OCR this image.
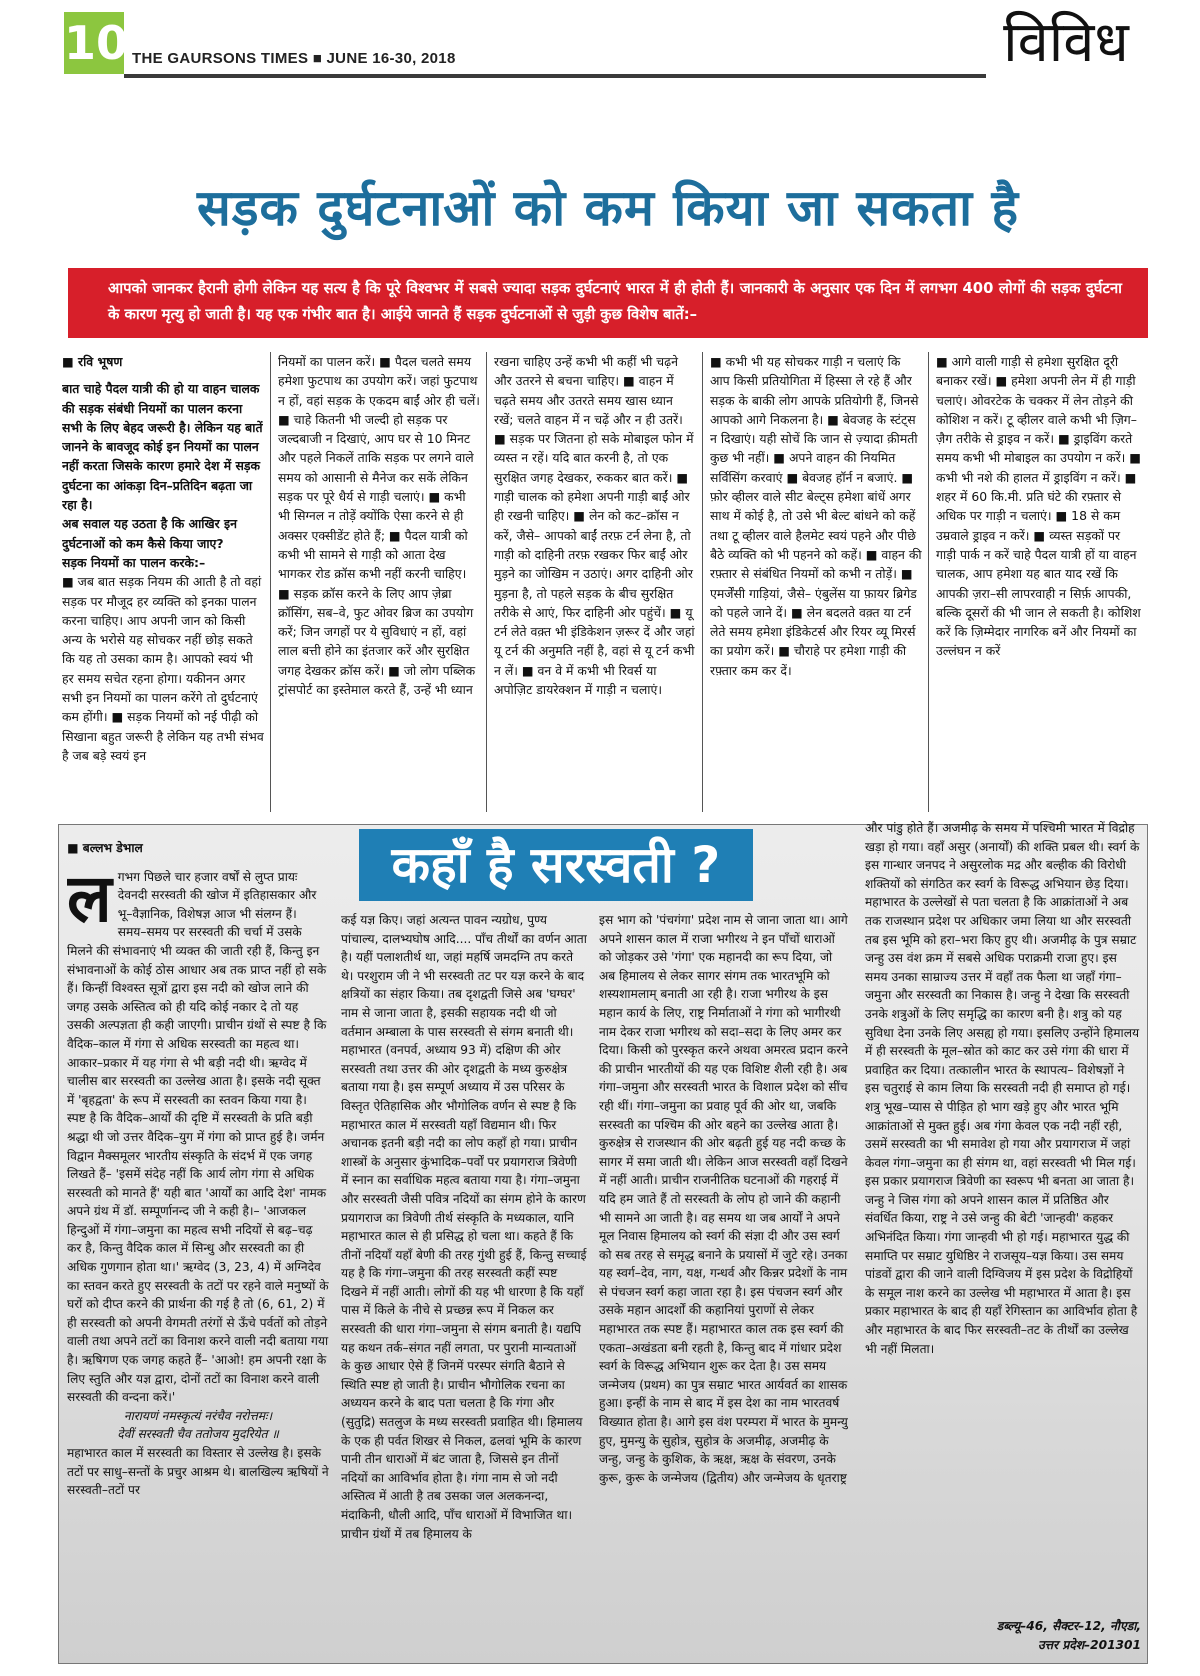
10 THE GAURSONS TIMES ■ JUNE 16-30, 2018	विविध
सड़क दुर्घटनाओं को कम किया जा सकता है
आपको जानकर हैरानी होगी लेकिन यह सत्य है कि पूरे विश्वभर में सबसे ज्यादा सड़क दुर्घटनाएं भारत में ही होती हैं। जानकारी के अनुसार एक दिन में लगभग 400 लोगों की सड़क दुर्घटना के कारण मृत्यु हो जाती है। यह एक गंभीर बात है। आईये जानते हैं सड़क दुर्घटनाओं से जुड़ी कुछ विशेष बातें:–

■ रवि भूषण

बात चाहे पैदल यात्री की हो या वाहन चालक की सड़क संबंधी नियमों का पालन करना सभी के लिए बेहद जरूरी है। लेकिन यह बातें जानने के बावजूद कोई इन नियमों का पालन नहीं करता जिसके कारण हमारे देश में सड़क दुर्घटना का आंकड़ा दिन–प्रतिदिन बढ़ता जा रहा है।

अब सवाल यह उठता है कि आखिर इन दुर्घटनाओं को कम कैसे किया जाए?

सड़क नियमों का पालन करके:–

■ जब बात सड़क नियम की आती है तो वहां सड़क पर मौजूद हर व्यक्ति को इनका पालन करना चाहिए। आप अपनी जान को किसी अन्य के भरोसे यह सोचकर नहीं छोड़ सकते कि यह तो उसका काम है। आपको स्वयं भी हर समय सचेत रहना होगा। यकीनन अगर सभी इन नियमों का पालन करेंगे तो दुर्घटनाएं कम होंगी। ■ सड़क नियमों को नई पीढ़ी को सिखाना बहुत जरूरी है लेकिन यह तभी संभव है जब बड़े स्वयं इन

नियमों का पालन करें। ■ पैदल चलते समय हमेशा फुटपाथ का उपयोग करें। जहां फुटपाथ न हों, वहां सड़क के एकदम बाईं ओर ही चलें। ■ चाहे कितनी भी जल्दी हो सड़क पर जल्दबाजी न दिखाएं, आप घर से 10 मिनट और पहले निकलें ताकि सड़क पर लगने वाले समय को आसानी से मैनेज कर सकें लेकिन सड़क पर पूरे धैर्य से गाड़ी चलाएं। ■ कभी भी सिग्नल न तोड़ें क्योंकि ऐसा करने से ही अक्सर एक्सीडेंट होते हैं; ■ पैदल यात्री को कभी भी सामने से गाड़ी को आता देख भागकर रोड क्रॉस कभी नहीं करनी चाहिए। ■ सड़क क्रॉस करने के लिए आप ज़ेब्रा क्रॉसिंग, सब–वे, फुट ओवर ब्रिज का उपयोग करें; जिन जगहों पर ये सुविधाएं न हों, वहां लाल बत्ती होने का इंतजार करें और सुरक्षित जगह देखकर क्रॉस करें। ■ जो लोग पब्लिक ट्रांसपोर्ट का इस्तेमाल करते हैं, उन्हें भी ध्यान
रखना चाहिए उन्हें कभी भी कहीं भी चढ़ने और उतरने से बचना चाहिए। ■ वाहन में चढ़ते समय और उतरते समय खास ध्यान रखें; चलते वाहन में न चढ़ें और न ही उतरें। ■ सड़क पर जितना हो सके मोबाइल फोन में व्यस्त न रहें। यदि बात करनी है, तो एक सुरक्षित जगह देखकर, रुककर बात करें। ■ गाड़ी चालक को हमेशा अपनी गाड़ी बाईं ओर ही रखनी चाहिए। ■ लेन को कट–क्रॉस न करें, जैसे– आपको बाईं तरफ़ टर्न लेना है, तो गाड़ी को दाहिनी तरफ़ रखकर फिर बाईं ओर मुड़ने का जोखिम न उठाएं। अगर दाहिनी ओर मुड़ना है, तो पहले सड़क के बीच सुरक्षित तरीके से आएं, फिर दाहिनी ओर पहुंचें। ■ यू टर्न लेते वक़्त भी इंडिकेशन ज़रूर दें और जहां यू टर्न की अनुमति नहीं है, वहां से यू टर्न कभी न लें। ■ वन वे में कभी भी रिवर्स या अपोज़िट डायरेक्शन में गाड़ी न चलाएं।
■ कभी भी यह सोचकर गाड़ी न चलाएं कि आप किसी प्रतियोगिता में हिस्सा ले रहे हैं और सड़क के बाकी लोग आपके प्रतियोगी हैं, जिनसे आपको आगे निकलना है। ■ बेवजह के स्टंट्स न दिखाएं। यही सोचें कि जान से ज़्यादा क़ीमती कुछ भी नहीं। ■ अपने वाहन की नियमित सर्विसिंग करवाएं ■ बेवजह हॉर्न न बजाएं. ■ फ़ोर व्हीलर वाले सीट बेल्ट्स हमेशा बांधें अगर साथ में कोई है, तो उसे भी बेल्ट बांधने को कहें तथा टू व्हीलर वाले हैलमेट स्वयं पहने और पीछे बैठे व्यक्ति को भी पहनने को कहें। ■ वाहन की रफ़्तार से संबंधित नियमों को कभी न तोड़ें। ■ एमर्जेंसी गाड़ियां, जैसे– एंबुलेंस या फ़ायर ब्रिगेड को पहले जाने दें। ■ लेन बदलते वक़्त या टर्न लेते समय हमेशा इंडिकेटर्स और रियर व्यू मिरर्स का प्रयोग करें। ■ चौराहे पर हमेशा गाड़ी की रफ़्तार कम कर दें।
■ आगे वाली गाड़ी से हमेशा सुरक्षित दूरी बनाकर रखें। ■ हमेशा अपनी लेन में ही गाड़ी चलाएं। ओवरटेक के चक्कर में लेन तोड़ने की कोशिश न करें। टू व्हीलर वाले कभी भी ज़िग–ज़ैग तरीके से ड्राइव न करें। ■ ड्राइविंग करते समय कभी भी मोबाइल का उपयोग न करें। ■ कभी भी नशे की हालत में ड्राइविंग न करें। ■ शहर में 60 कि.मी. प्रति घंटे की रफ़्तार से अधिक पर गाड़ी न चलाएं। ■ 18 से कम उम्रवाले ड्राइव न करें। ■ व्यस्त सड़कों पर गाड़ी पार्क न करें चाहे पैदल यात्री हों या वाहन चालक, आप हमेशा यह बात याद रखें कि आपकी ज़रा–सी लापरवाही न सिर्फ़ आपकी, बल्कि दूसरों की भी जान ले सकती है। कोशिश करें कि ज़िम्मेदार नागरिक बनें और नियमों का उल्लंघन न करें
कहाँ है सरस्वती ?

■ बल्लभ डेभाल

लगभग पिछले चार हजार वर्षों से लुप्त प्रायः देवनदी सरस्वती की खोज में इतिहासकार और भू–वैज्ञानिक, विशेषज्ञ आज भी संलग्न हैं। समय–समय पर सरस्वती की चर्चा में उसके मिलने की संभावनाएं भी व्यक्त की जाती रही हैं, किन्तु इन संभावनाओं के कोई ठोस आधार अब तक प्राप्त नहीं हो सके हैं। किन्हीं विश्वस्त सूत्रों द्वारा इस नदी को खोज लाने की जगह उसके अस्तित्व को ही यदि कोई नकार दे तो यह उसकी अल्पज्ञता ही कही जाएगी। प्राचीन ग्रंथों से स्पष्ट है कि वैदिक–काल में गंगा से अधिक सरस्वती का महत्व था। आकार–प्रकार में यह गंगा से भी बड़ी नदी थी। ऋग्वेद में चालीस बार सरस्वती का उल्लेख आता है। इसके नदी सूक्त में 'बृहद्वता' के रूप में सरस्वती का स्तवन किया गया है। स्पष्ट है कि वैदिक–आर्यों की दृष्टि में सरस्वती के प्रति बड़ी श्रद्धा थी जो उत्तर वैदिक–युग में गंगा को प्राप्त हुई है। जर्मन विद्वान मैक्समूलर भारतीय संस्कृति के संदर्भ में एक जगह लिखते हैं– 'इसमें संदेह नहीं कि आर्य लोग गंगा से अधिक सरस्वती को मानते हैं' यही बात 'आर्यों का आदि देश' नामक अपने ग्रंथ में डॉ. सम्पूर्णानन्द जी ने कही है।– 'आजकल हिन्दुओं में गंगा–जमुना का महत्व सभी नदियों से बढ़–चढ़ कर है, किन्तु वैदिक काल में सिन्धु और सरस्वती का ही अधिक गुणगान होता था।' ऋग्वेद (3, 23, 4) में अग्निदेव का स्तवन करते हुए सरस्वती के तटों पर रहने वाले मनुष्यों के घरों को दीप्त करने की प्रार्थना की गई है तो (6, 61, 2) में ही सरस्वती को अपनी वेगमती तरंगों से ऊँचे पर्वतों को तोड़ने वाली तथा अपने तटों का विनाश करने वाली नदी बताया गया है। ऋषिगण एक जगह कहते हैं– 'आओ! हम अपनी रक्षा के लिए स्तुति और यज्ञ द्वारा, दोनों तटों का विनाश करने वाली सरस्वती की वन्दना करें।'

नारायणं नमस्कृत्यं नरंचैव नरोत्तमः।

देवीं सरस्वती चैव ततोजय मुदरियेत ॥

महाभारत काल में सरस्वती का विस्तार से उल्लेख है। इसके तटों पर साधु–सन्तों के प्रचुर आश्रम थे। बालखिल्य ऋषियों ने सरस्वती–तटों पर

कई यज्ञ किए। जहां अत्यन्त पावन न्यग्रोध, पुण्य पांचाल्य, दालभ्यघोष आदि.... पाँच तीर्थों का वर्णन आता है। यहीं पलाशतीर्थ था, जहां महर्षि जमदग्नि तप करते थे। परशुराम जी ने भी सरस्वती तट पर यज्ञ करने के बाद क्षत्रियों का संहार किया। तब दृशद्वती जिसे अब 'घग्घर' नाम से जाना जाता है, इसकी सहायक नदी थी जो वर्तमान अम्बाला के पास सरस्वती से संगम बनाती थी। महाभारत (वनपर्व, अध्याय 93 में) दक्षिण की ओर सरस्वती तथा उत्तर की ओर दृशद्वती के मध्य कुरुक्षेत्र बताया गया है। इस सम्पूर्ण अध्याय में उस परिसर के विस्तृत ऐतिहासिक और भौगोलिक वर्णन से स्पष्ट है कि महाभारत काल में सरस्वती यहाँ विद्यमान थी। फिर अचानक इतनी बड़ी नदी का लोप कहाँ हो गया। प्राचीन शास्त्रों के अनुसार कुंभादिक–पर्वों पर प्रयागराज त्रिवेणी में स्नान का सर्वाधिक महत्व बताया गया है। गंगा–जमुना और सरस्वती जैसी पवित्र नदियों का संगम होने के कारण प्रयागराज का त्रिवेणी तीर्थ संस्कृति के मध्यकाल, यानि महाभारत काल से ही प्रसिद्ध हो चला था। कहते हैं कि तीनों नदियाँ यहाँ बेणी की तरह गुंथी हुई हैं, किन्तु सच्चाई यह है कि गंगा–जमुना की तरह सरस्वती कहीं स्पष्ट दिखने में नहीं आती। लोगों की यह भी धारणा है कि यहाँ पास में किले के नीचे से प्रच्छन्न रूप में निकल कर सरस्वती की धारा गंगा–जमुना से संगम बनाती है। यद्यपि यह कथन तर्क–संगत नहीं लगता, पर पुरानी मान्यताओं के कुछ आधार ऐसे हैं जिनमें परस्पर संगति बैठाने से स्थिति स्पष्ट हो जाती है। प्राचीन भौगोलिक रचना का अध्ययन करने के बाद पता चलता है कि गंगा और (सुतुद्रि) सतलुज के मध्य सरस्वती प्रवाहित थी। हिमालय के एक ही पर्वत शिखर से निकल, ढलवां भूमि के कारण पानी तीन धाराओं में बंट जाता है, जिससे इन तीनों नदियों का आविर्भाव होता है। गंगा नाम से जो नदी अस्तित्व में आती है तब उसका जल अलकनन्दा, मंदाकिनी, धौली आदि, पाँच धाराओं में विभाजित था। प्राचीन ग्रंथों में तब हिमालय के
इस भाग को 'पंचगंगा' प्रदेश नाम से जाना जाता था। आगे अपने शासन काल में राजा भगीरथ ने इन पाँचों धाराओं को जोड़कर उसे 'गंगा' एक महानदी का रूप दिया, जो अब हिमालय से लेकर सागर संगम तक भारतभूमि को शस्यशामलाम् बनाती आ रही है। राजा भगीरथ के इस महान कार्य के लिए, राष्ट्र निर्माताओं ने गंगा को भागीरथी नाम देकर राजा भगीरथ को सदा–सदा के लिए अमर कर दिया। किसी को पुरस्कृत करने अथवा अमरत्व प्रदान करने की प्राचीन भारतीयों की यह एक विशिष्ट शैली रही है। अब गंगा–जमुना और सरस्वती भारत के विशाल प्रदेश को सींच रही थीं। गंगा–जमुना का प्रवाह पूर्व की ओर था, जबकि सरस्वती का पश्चिम की ओर बहने का उल्लेख आता है। कुरुक्षेत्र से राजस्थान की ओर बढ़ती हुई यह नदी कच्छ के सागर में समा जाती थी। लेकिन आज सरस्वती वहाँ दिखने में नहीं आती। प्राचीन राजनीतिक घटनाओं की गहराई में यदि हम जाते हैं तो सरस्वती के लोप हो जाने की कहानी भी सामने आ जाती है। वह समय था जब आर्यों ने अपने मूल निवास हिमालय को स्वर्ग की संज्ञा दी और उस स्वर्ग को सब तरह से समृद्ध बनाने के प्रयासों में जुटे रहे। उनका यह स्वर्ग–देव, नाग, यक्ष, गन्धर्व और किन्नर प्रदेशों के नाम से पंचजन स्वर्ग कहा जाता रहा है। इस पंचजन स्वर्ग और उसके महान आदर्शों की कहानियां पुराणों से लेकर महाभारत तक स्पष्ट हैं। महाभारत काल तक इस स्वर्ग की एकता–अखंडता बनी रहती है, किन्तु बाद में गांधार प्रदेश स्वर्ग के विरूद्ध अभियान शुरू कर देता है। उस समय जन्मेजय (प्रथम) का पुत्र सम्राट भारत आर्यवर्त का शासक हुआ। इन्हीं के नाम से बाद में इस देश का नाम भारतवर्ष विख्यात होता है। आगे इस वंश परम्परा में भारत के मुमन्यु हुए, मुमन्यु के सुहोत्र, सुहोत्र के अजमीढ़, अजमीढ़ के जन्हु, जन्हु के कुशिक, के ऋक्ष, ऋक्ष के संवरण, उनके कुरू, कुरू के जन्मेजय (द्वितीय) और जन्मेजय के धृतराष्ट्र
और पांडु होते हैं। अजमीढ़ के समय में पश्चिमी भारत में विद्रोह खड़ा हो गया। वहाँ असुर (अनार्यों) की शक्ति प्रबल थी। स्वर्ग के इस गान्धार जनपद ने असुरलोक मद्र और बल्हीक की विरोधी शक्तियों को संगठित कर स्वर्ग के विरूद्ध अभियान छेड़ दिया। महाभारत के उल्लेखों से पता चलता है कि आक्रांताओं ने अब तक राजस्थान प्रदेश पर अधिकार जमा लिया था और सरस्वती तब इस भूमि को हरा–भरा किए हुए थी। अजमीढ़ के पुत्र सम्राट जन्हु उस वंश क्रम में सबसे अधिक पराक्रमी राजा हुए। इस समय उनका साम्राज्य उत्तर में वहाँ तक फैला था जहाँ गंगा–जमुना और सरस्वती का निकास है। जन्हु ने देखा कि सरस्वती उनके शत्रुओं के लिए समृद्धि का कारण बनी है। शत्रु को यह सुविधा देना उनके लिए असह्य हो गया। इसलिए उन्होंने हिमालय में ही सरस्वती के मूल–स्रोत को काट कर उसे गंगा की धारा में प्रवाहित कर दिया। तत्कालीन भारत के स्थापत्य– विशेषज्ञों ने इस चतुराई से काम लिया कि सरस्वती नदी ही समाप्त हो गई। शत्रु भूख–प्यास से पीड़ित हो भाग खड़े हुए और भारत भूमि आक्रांताओं से मुक्त हुई। अब गंगा केवल एक नदी नहीं रही, उसमें सरस्वती का भी समावेश हो गया और प्रयागराज में जहां केवल गंगा–जमुना का ही संगम था, वहां सरस्वती भी मिल गई। इस प्रकार प्रयागराज त्रिवेणी का स्वरूप भी बनता आ जाता है। जन्हु ने जिस गंगा को अपने शासन काल में प्रतिष्ठित और संवर्धित किया, राष्ट्र ने उसे जन्हु की बेटी 'जान्हवी' कहकर अभिनंदित किया। गंगा जान्हवी भी हो गई। महाभारत युद्ध की समाप्ति पर सम्राट युधिष्ठिर ने राजसूय–यज्ञ किया। उस समय पांडवों द्वारा की जाने वाली दिग्विजय में इस प्रदेश के विद्रोहियों के समूल नाश करने का उल्लेख भी महाभारत में आता है। इस प्रकार महाभारत के बाद ही यहाँ रेगिस्तान का आविर्भाव होता है और महाभारत के बाद फिर सरस्वती–तट के तीर्थों का उल्लेख भी नहीं मिलता।

डब्ल्यू–46, सैक्टर–12, नौएडा,

उत्तर प्रदेश–201301
